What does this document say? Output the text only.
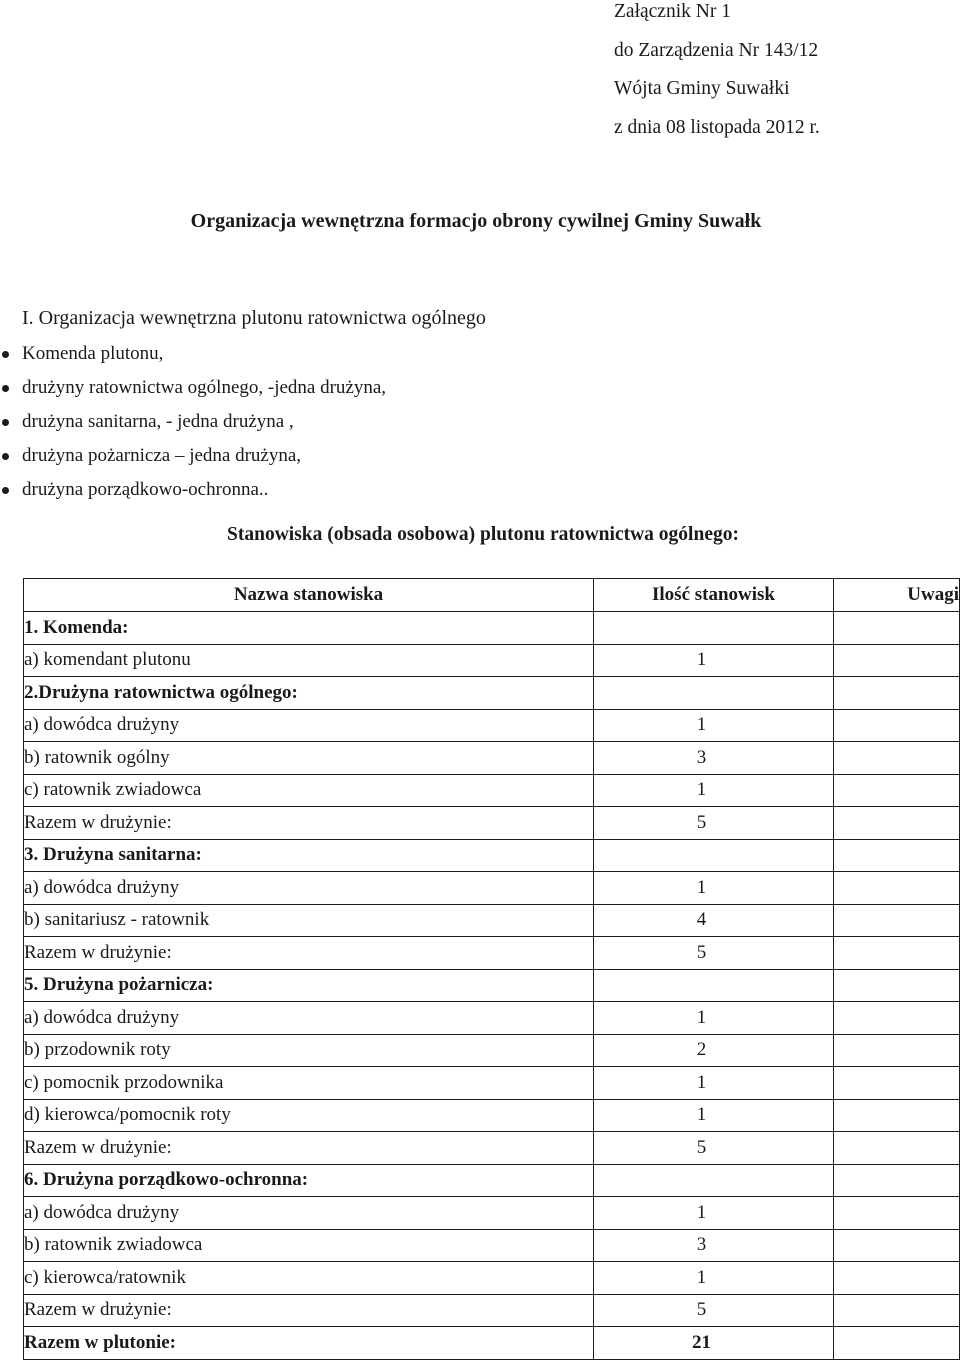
Załącznik Nr 1
do Zarządzenia Nr 143/12
Wójta Gminy Suwałki
z dnia 08 listopada 2012 r.
Organizacja wewnętrzna formacjo obrony cywilnej Gminy Suwałk
I. Organizacja wewnętrzna plutonu ratownictwa ogólnego
Komenda plutonu,
drużyny ratownictwa ogólnego, -jedna drużyna,
drużyna sanitarna, - jedna drużyna ,
drużyna pożarnicza – jedna drużyna,
drużyna porządkowo-ochronna..
Stanowiska (obsada osobowa) plutonu ratownictwa ogólnego:
Nazwa stanowiska	Ilość stanowisk	Uwagi
1. Komenda:		
a) komendant plutonu	1	
2.Drużyna ratownictwa ogólnego:		
a) dowódca drużyny	1	
b) ratownik ogólny	3	
c) ratownik zwiadowca	1	
Razem w drużynie:	5	
3. Drużyna sanitarna:		
a) dowódca drużyny	1	
b) sanitariusz - ratownik	4	
Razem w drużynie:	5	
5. Drużyna pożarnicza:		
a) dowódca drużyny	1	
b) przodownik roty	2	
c) pomocnik przodownika	1	
d) kierowca/pomocnik roty	1	
Razem w drużynie:	5	
6. Drużyna porządkowo-ochronna:		
a) dowódca drużyny	1	
b) ratownik zwiadowca	3	
c) kierowca/ratownik	1	
Razem w drużynie:	5	
Razem w plutonie:	21	
